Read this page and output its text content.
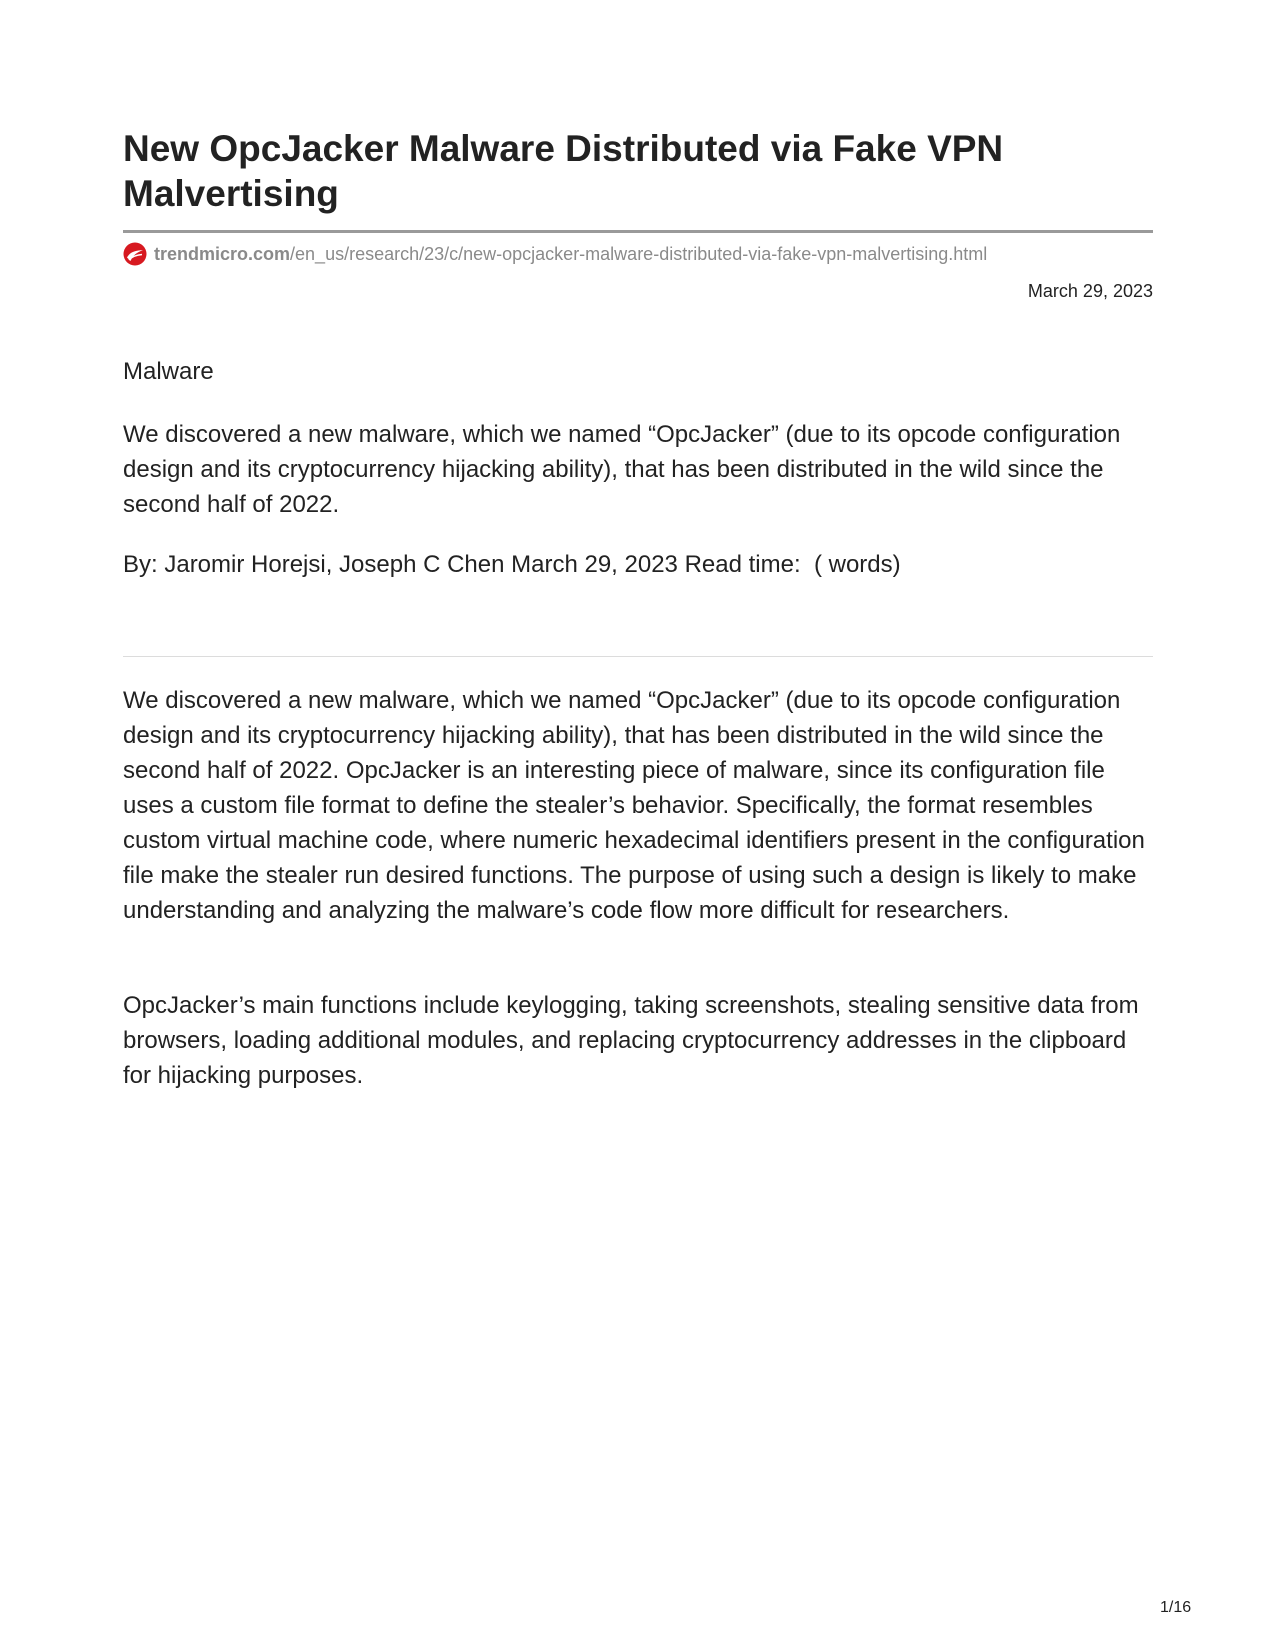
New OpcJacker Malware Distributed via Fake VPN Malvertising
trendmicro.com /en_us/research/23/c/new-opcjacker-malware-distributed-via-fake-vpn-malvertising.html
March 29, 2023
Malware

We discovered a new malware, which we named “OpcJacker” (due to its opcode configuration design and its cryptocurrency hijacking ability), that has been distributed in the wild since the second half of 2022.

By: Jaromir Horejsi, Joseph C Chen March 29, 2023 Read time:  ( words)

We discovered a new malware, which we named “OpcJacker” (due to its opcode configuration design and its cryptocurrency hijacking ability), that has been distributed in the wild since the second half of 2022. OpcJacker is an interesting piece of malware, since its configuration file uses a custom file format to define the stealer’s behavior. Specifically, the format resembles custom virtual machine code, where numeric hexadecimal identifiers present in the configuration file make the stealer run desired functions. The purpose of using such a design is likely to make understanding and analyzing the malware’s code flow more difficult for researchers.

OpcJacker’s main functions include keylogging, taking screenshots, stealing sensitive data from browsers, loading additional modules, and replacing cryptocurrency addresses in the clipboard for hijacking purposes.

1/16
